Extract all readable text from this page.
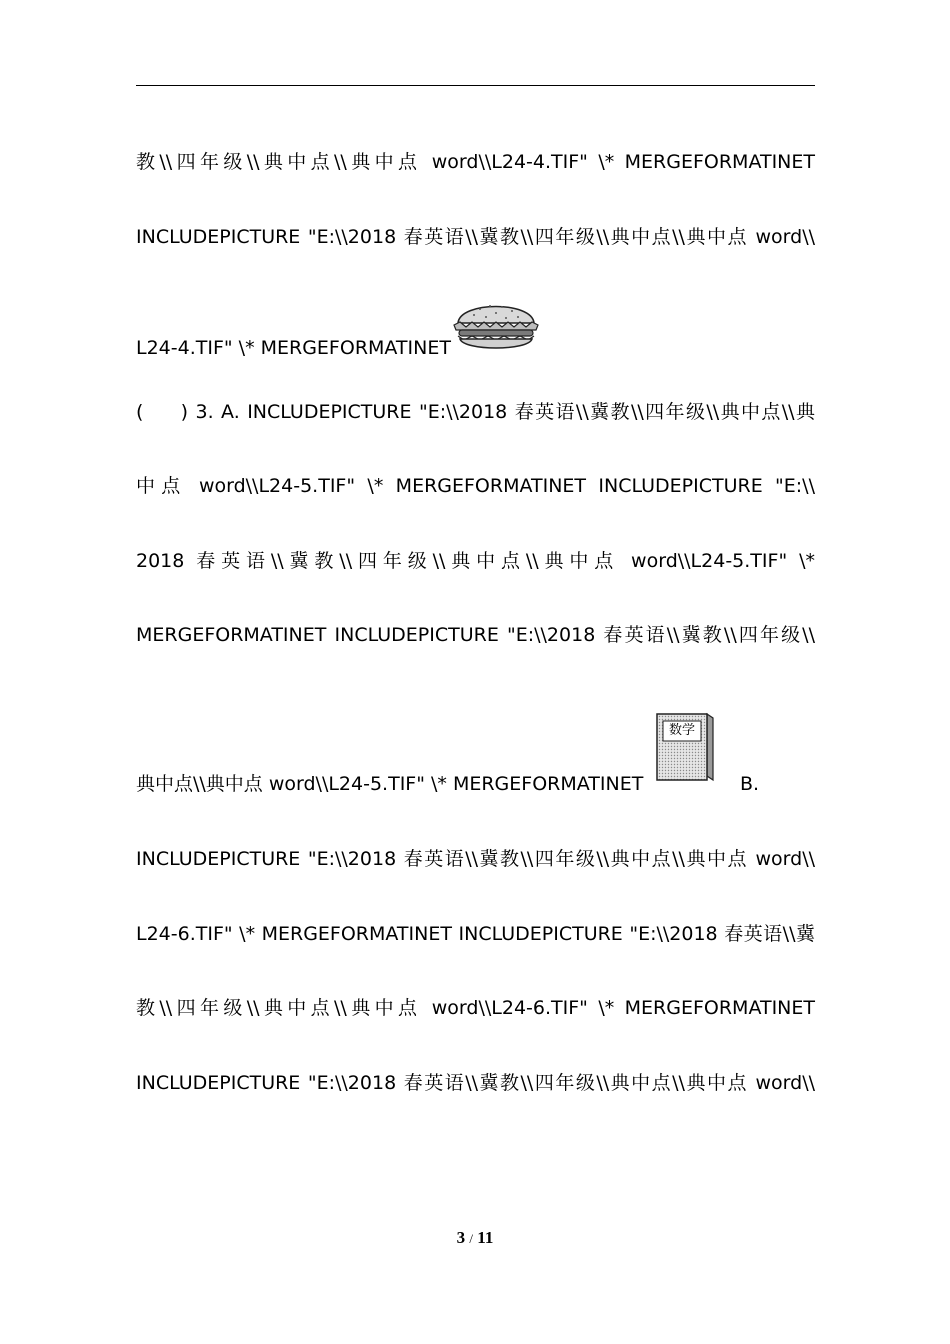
教\\四年级\\典中点\\典中点 word\\L24-4.TIF" \* MERGEFORMATINET
INCLUDEPICTURE "E:\\2018 春英语\\冀教\\四年级\\典中点\\典中点 word\\
L24-4.TIF" \* MERGEFORMATINET
(     ) 3. A. INCLUDEPICTURE "E:\\2018 春英语\\冀教\\四年级\\典中点\\典
中点 word\\L24-5.TIF" \* MERGEFORMATINET INCLUDEPICTURE "E:\\
2018 春英语\\冀教\\四年级\\典中点\\典中点 word\\L24-5.TIF" \*
MERGEFORMATINET INCLUDEPICTURE "E:\\2018 春英语\\冀教\\四年级\\
典中点\\典中点 word\\L24-5.TIF" \* MERGEFORMATINET
数学
B.
INCLUDEPICTURE "E:\\2018 春英语\\冀教\\四年级\\典中点\\典中点 word\\
L24-6.TIF" \* MERGEFORMATINET INCLUDEPICTURE "E:\\2018 春英语\\冀
教\\四年级\\典中点\\典中点 word\\L24-6.TIF" \* MERGEFORMATINET
INCLUDEPICTURE "E:\\2018 春英语\\冀教\\四年级\\典中点\\典中点 word\\
3 / 11
